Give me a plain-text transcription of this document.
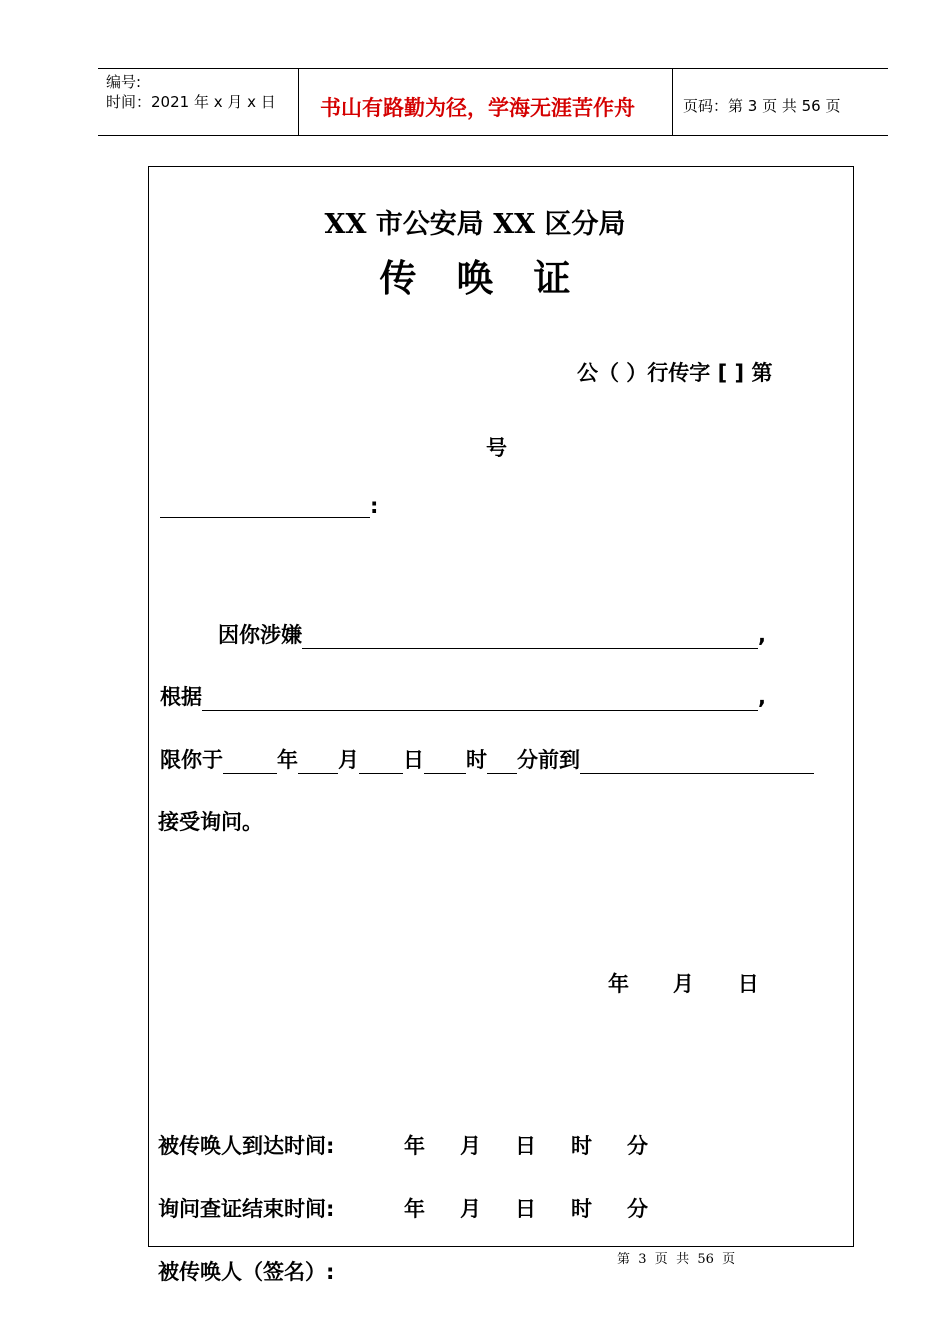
编号:
时间：2021 年 x 月 x 日 书山有路勤为径，学海无涯苦作舟	页码：第 3 页 共 56 页
XX 市公安局 XX 区分局
传唤证
公（ ）行传字 [ ] 第
号
:
因你涉嫌	,
根据	,
限你于	年 月 日 时 分前到
接受询问。
年      月      日
被传唤人到达时间:	年 月 日 时 分
询问查证结束时间:	年 月 日 时 分
第  3  页  共  56  页
被传唤人（签名）:
